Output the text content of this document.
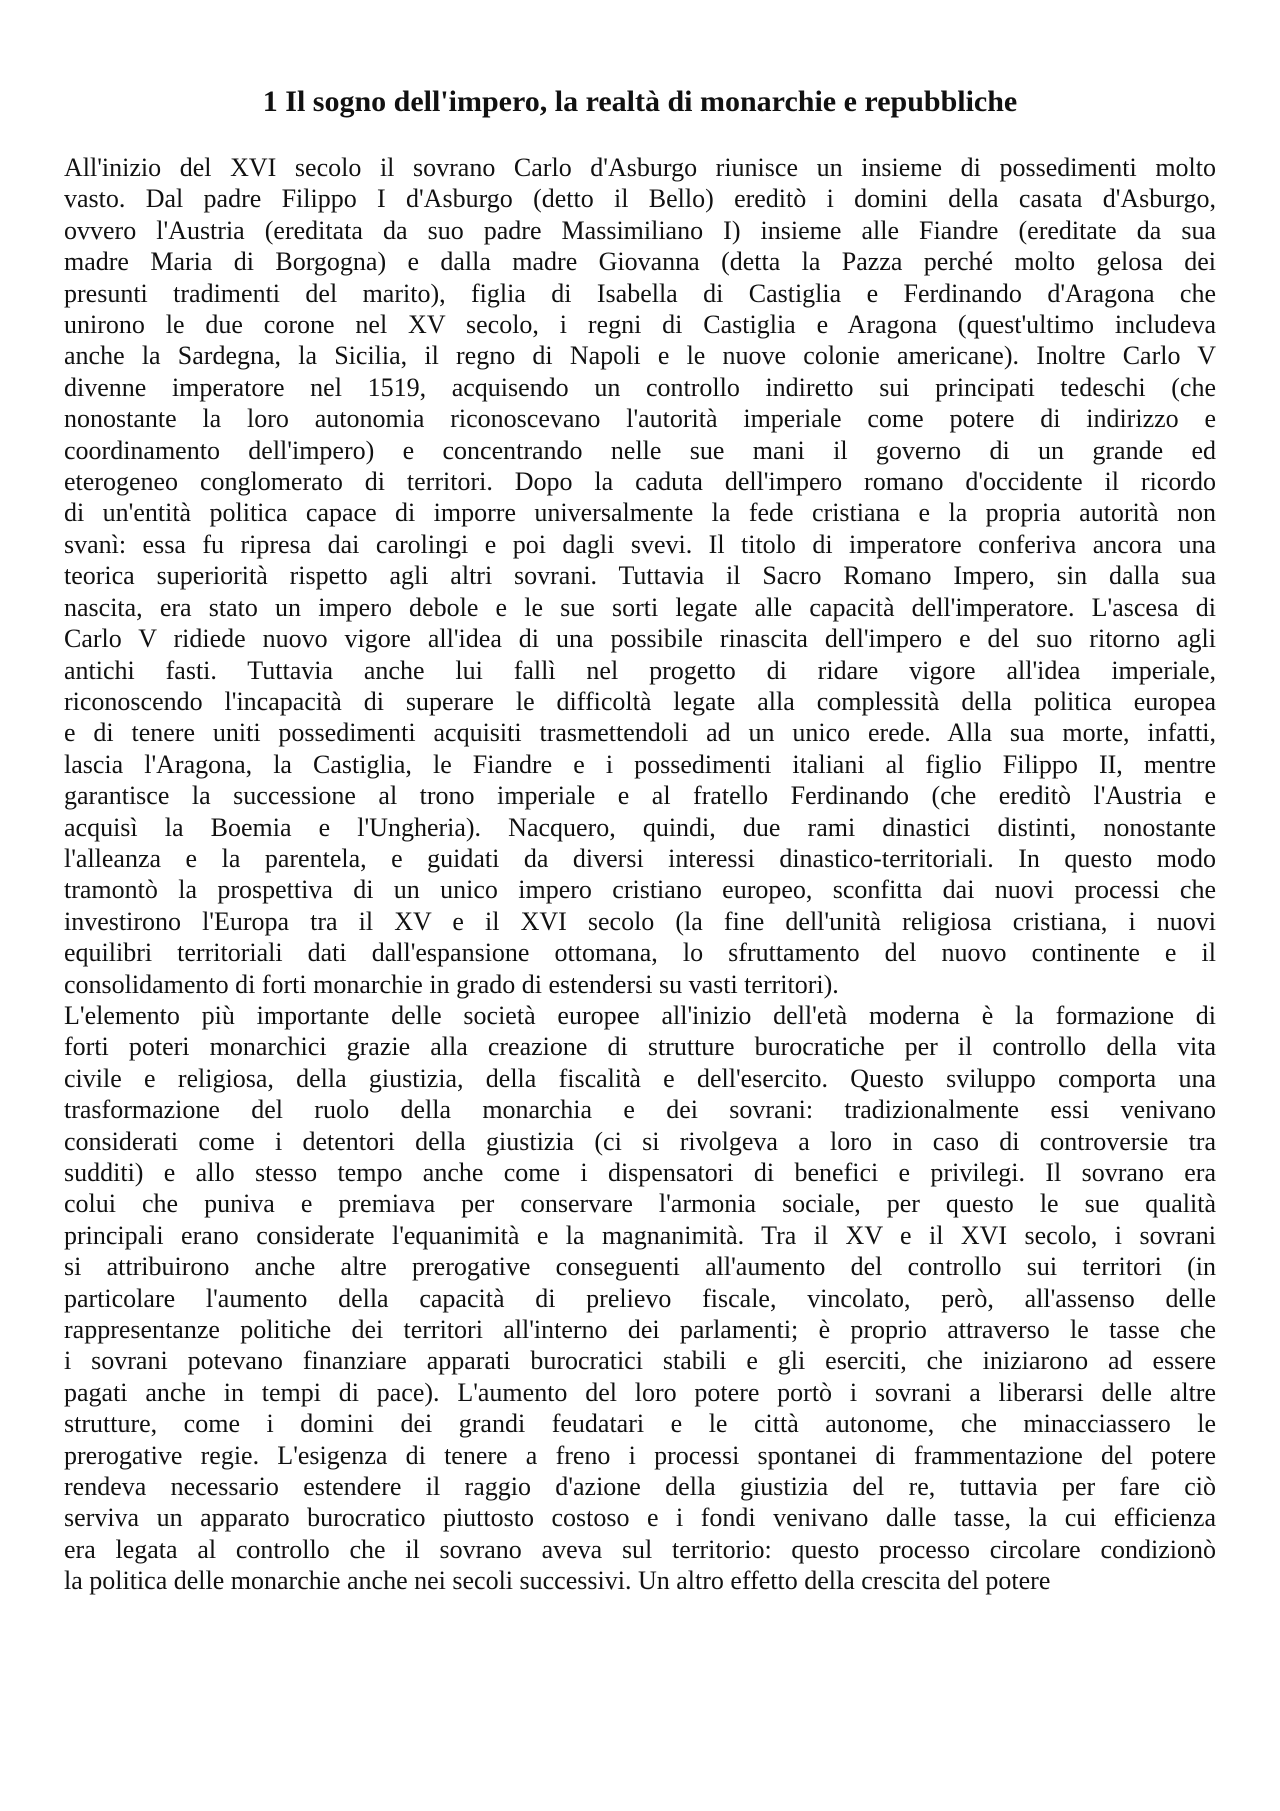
1 Il sogno dell'impero, la realtà di monarchie e repubbliche
All'inizio del XVI secolo il sovrano Carlo d'Asburgo riunisce un insieme di possedimenti molto
vasto. Dal padre Filippo I d'Asburgo (detto il Bello) ereditò i domini della casata d'Asburgo,
ovvero l'Austria (ereditata da suo padre Massimiliano I) insieme alle Fiandre (ereditate da sua
madre Maria di Borgogna) e dalla madre Giovanna (detta la Pazza perché molto gelosa dei
presunti tradimenti del marito), figlia di Isabella di Castiglia e Ferdinando d'Aragona che
unirono le due corone nel XV secolo, i regni di Castiglia e Aragona (quest'ultimo includeva
anche la Sardegna, la Sicilia, il regno di Napoli e le nuove colonie americane). Inoltre Carlo V
divenne imperatore nel 1519, acquisendo un controllo indiretto sui principati tedeschi (che
nonostante la loro autonomia riconoscevano l'autorità imperiale come potere di indirizzo e
coordinamento dell'impero) e concentrando nelle sue mani il governo di un grande ed
eterogeneo conglomerato di territori. Dopo la caduta dell'impero romano d'occidente il ricordo
di un'entità politica capace di imporre universalmente la fede cristiana e la propria autorità non
svanì: essa fu ripresa dai carolingi e poi dagli svevi. Il titolo di imperatore conferiva ancora una
teorica superiorità rispetto agli altri sovrani. Tuttavia il Sacro Romano Impero, sin dalla sua
nascita, era stato un impero debole e le sue sorti legate alle capacità dell'imperatore. L'ascesa di
Carlo V ridiede nuovo vigore all'idea di una possibile rinascita dell'impero e del suo ritorno agli
antichi fasti. Tuttavia anche lui fallì nel progetto di ridare vigore all'idea imperiale,
riconoscendo l'incapacità di superare le difficoltà legate alla complessità della politica europea
e di tenere uniti possedimenti acquisiti trasmettendoli ad un unico erede. Alla sua morte, infatti,
lascia l'Aragona, la Castiglia, le Fiandre e i possedimenti italiani al figlio Filippo II, mentre
garantisce la successione al trono imperiale e al fratello Ferdinando (che ereditò l'Austria e
acquisì la Boemia e l'Ungheria). Nacquero, quindi, due rami dinastici distinti, nonostante
l'alleanza e la parentela, e guidati da diversi interessi dinastico-territoriali. In questo modo
tramontò la prospettiva di un unico impero cristiano europeo, sconfitta dai nuovi processi che
investirono l'Europa tra il XV e il XVI secolo (la fine dell'unità religiosa cristiana, i nuovi
equilibri territoriali dati dall'espansione ottomana, lo sfruttamento del nuovo continente e il
consolidamento di forti monarchie in grado di estendersi su vasti territori).
L'elemento più importante delle società europee all'inizio dell'età moderna è la formazione di
forti poteri monarchici grazie alla creazione di strutture burocratiche per il controllo della vita
civile e religiosa, della giustizia, della fiscalità e dell'esercito. Questo sviluppo comporta una
trasformazione del ruolo della monarchia e dei sovrani: tradizionalmente essi venivano
considerati come i detentori della giustizia (ci si rivolgeva a loro in caso di controversie tra
sudditi) e allo stesso tempo anche come i dispensatori di benefici e privilegi. Il sovrano era
colui che puniva e premiava per conservare l'armonia sociale, per questo le sue qualità
principali erano considerate l'equanimità e la magnanimità. Tra il XV e il XVI secolo, i sovrani
si attribuirono anche altre prerogative conseguenti all'aumento del controllo sui territori (in
particolare l'aumento della capacità di prelievo fiscale, vincolato, però, all'assenso delle
rappresentanze politiche dei territori all'interno dei parlamenti; è proprio attraverso le tasse che
i sovrani potevano finanziare apparati burocratici stabili e gli eserciti, che iniziarono ad essere
pagati anche in tempi di pace). L'aumento del loro potere portò i sovrani a liberarsi delle altre
strutture, come i domini dei grandi feudatari e le città autonome, che minacciassero le
prerogative regie. L'esigenza di tenere a freno i processi spontanei di frammentazione del potere
rendeva necessario estendere il raggio d'azione della giustizia del re, tuttavia per fare ciò
serviva un apparato burocratico piuttosto costoso e i fondi venivano dalle tasse, la cui efficienza
era legata al controllo che il sovrano aveva sul territorio: questo processo circolare condizionò
la politica delle monarchie anche nei secoli successivi. Un altro effetto della crescita del potere
